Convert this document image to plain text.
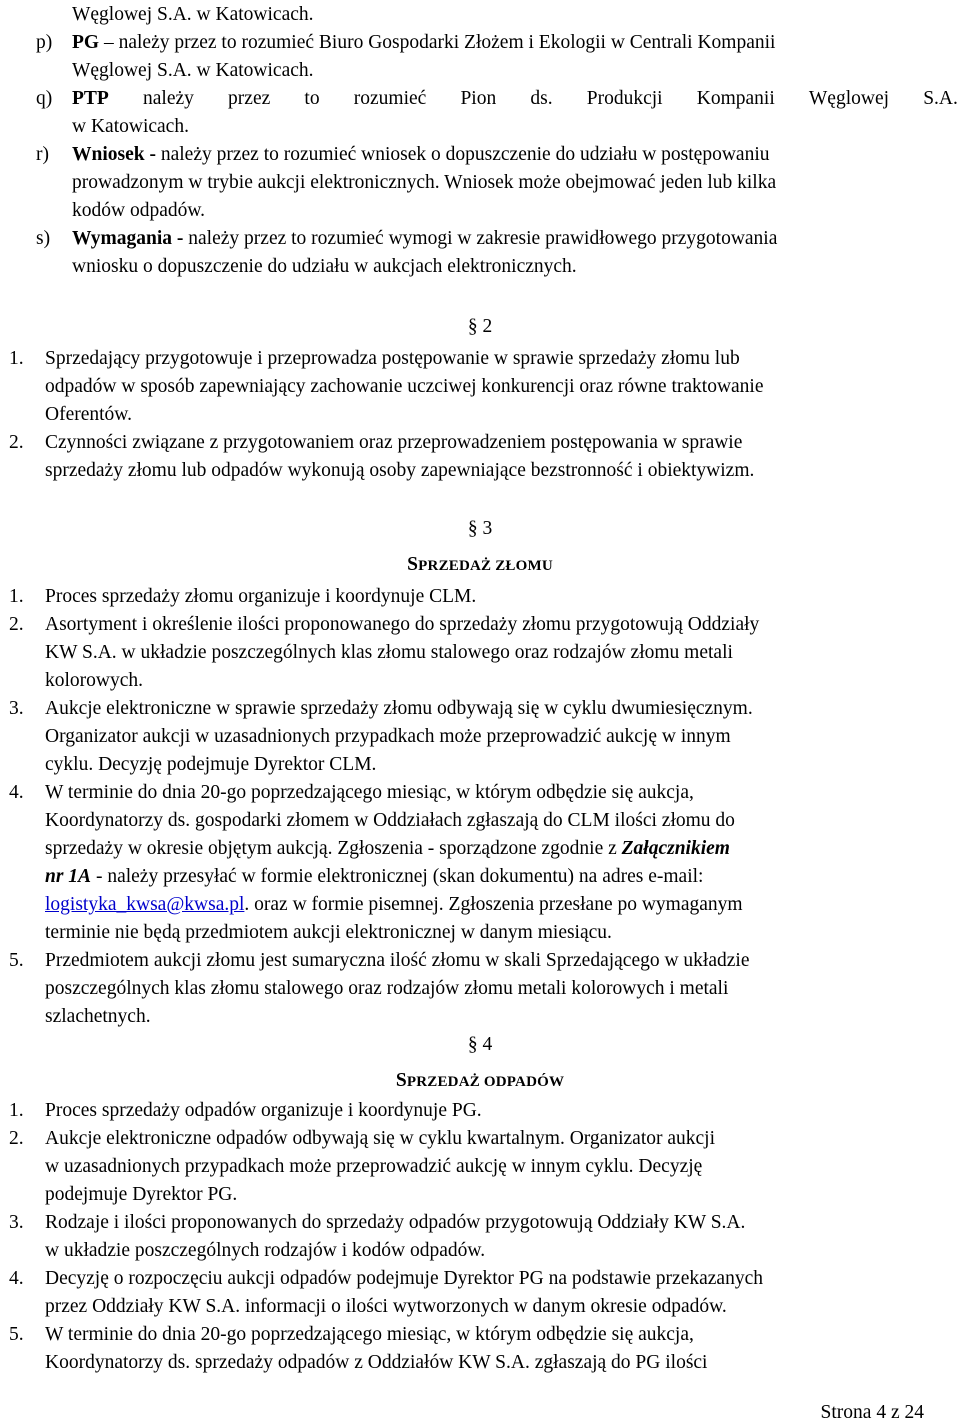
Węglowej S.A. w Katowicach.
p) PG – należy przez to rozumieć Biuro Gospodarki Złożem i Ekologii w Centrali Kompanii
Węglowej S.A. w Katowicach.
q) PTP należy przez to rozumieć Pion ds. Produkcji Kompanii Węglowej S.A.
w Katowicach.
r) Wniosek - należy przez to rozumieć wniosek o dopuszczenie do udziału w postępowaniu
prowadzonym w trybie aukcji elektronicznych. Wniosek może obejmować jeden lub kilka
kodów odpadów.
s) Wymagania - należy przez to rozumieć wymogi w zakresie prawidłowego przygotowania
wniosku o dopuszczenie do udziału w aukcjach elektronicznych.
§ 2
1. Sprzedający przygotowuje i przeprowadza postępowanie w sprawie sprzedaży złomu lub
odpadów w sposób zapewniający zachowanie uczciwej konkurencji oraz równe traktowanie
Oferentów.
2. Czynności związane z przygotowaniem oraz przeprowadzeniem postępowania w sprawie
sprzedaży złomu lub odpadów wykonują osoby zapewniające bezstronność i obiektywizm.
§ 3
SPRZEDAŻ ZŁOMU
1. Proces sprzedaży złomu organizuje i koordynuje CLM.
2. Asortyment i określenie ilości proponowanego do sprzedaży złomu przygotowują Oddziały
KW S.A. w układzie poszczególnych klas złomu stalowego oraz rodzajów złomu metali
kolorowych.
3. Aukcje elektroniczne w sprawie sprzedaży złomu odbywają się w cyklu dwumiesięcznym.
Organizator aukcji w uzasadnionych przypadkach może przeprowadzić aukcję w innym
cyklu. Decyzję podejmuje Dyrektor CLM.
4. W terminie do dnia 20-go poprzedzającego miesiąc, w którym odbędzie się aukcja,
Koordynatorzy ds. gospodarki złomem w Oddziałach zgłaszają do CLM ilości złomu do
sprzedaży w okresie objętym aukcją. Zgłoszenia - sporządzone zgodnie z Załącznikiem
nr 1A - należy przesyłać w formie elektronicznej (skan dokumentu) na adres e-mail:
logistyka_kwsa@kwsa.pl. oraz w formie pisemnej. Zgłoszenia przesłane po wymaganym
terminie nie będą przedmiotem aukcji elektronicznej w danym miesiącu.
5. Przedmiotem aukcji złomu jest sumaryczna ilość złomu w skali Sprzedającego w układzie
poszczególnych klas złomu stalowego oraz rodzajów złomu metali kolorowych i metali
szlachetnych.
§ 4
SPRZEDAŻ ODPADÓW
1. Proces sprzedaży odpadów organizuje i koordynuje PG.
2. Aukcje elektroniczne odpadów odbywają się w cyklu kwartalnym. Organizator aukcji
w uzasadnionych przypadkach może przeprowadzić aukcję w innym cyklu. Decyzję
podejmuje Dyrektor PG.
3. Rodzaje i ilości proponowanych do sprzedaży odpadów przygotowują Oddziały KW S.A.
w układzie poszczególnych rodzajów i kodów odpadów.
4. Decyzję o rozpoczęciu aukcji odpadów podejmuje Dyrektor PG na podstawie przekazanych
przez Oddziały KW S.A. informacji o ilości wytworzonych w danym okresie odpadów.
5. W terminie do dnia 20-go poprzedzającego miesiąc, w którym odbędzie się aukcja,
Koordynatorzy ds. sprzedaży odpadów z Oddziałów KW S.A. zgłaszają do PG ilości
Strona 4 z 24
